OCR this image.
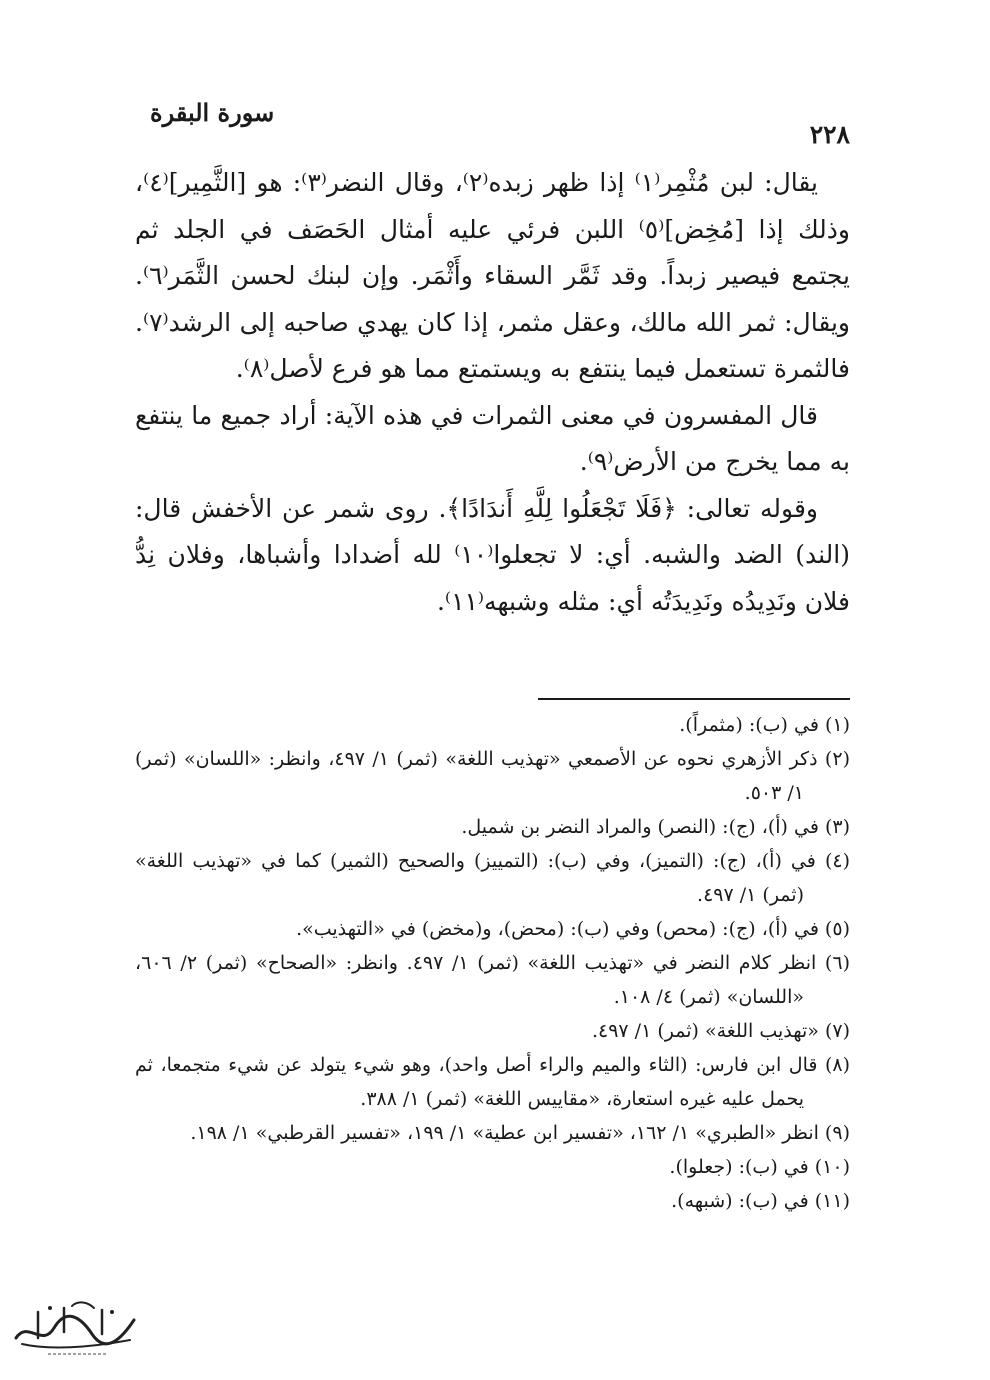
٢٢٨
سورة البقرة

يقال: لبن مُثْمِر⁽١⁾ إذا ظهر زبده⁽٢⁾، وقال النضر⁽٣⁾: هو [الثَّمِير]⁽٤⁾، وذلك إذا [مُخِض]⁽٥⁾ اللبن فرئي عليه أمثال الحَصَف في الجلد ثم يجتمع فيصير زبداً. وقد ثَمَّر السقاء وأَثْمَر. وإن لبنك لحسن الثَّمَر⁽٦⁾. ويقال: ثمر الله مالك، وعقل مثمر، إذا كان يهدي صاحبه إلى الرشد⁽٧⁾. فالثمرة تستعمل فيما ينتفع به ويستمتع مما هو فرع لأصل⁽٨⁾.

قال المفسرون في معنى الثمرات في هذه الآية: أراد جميع ما ينتفع به مما يخرج من الأرض⁽٩⁾.

وقوله تعالى: ﴿فَلَا تَجْعَلُوا لِلَّهِ أَندَادًا﴾. روى شمر عن الأخفش قال: (الند) الضد والشبه. أي: لا تجعلوا⁽١٠⁾ لله أضدادا وأشباها، وفلان نِدُّ فلان ونَدِيدُه ونَدِيدَتُه أي: مثله وشبهه⁽١١⁾.

(١) في (ب): (مثمراً).

(٢) ذكر الأزهري نحوه عن الأصمعي «تهذيب اللغة» (ثمر) ١/ ٤٩٧، وانظر: «اللسان» (ثمر) ١/ ٥٠٣.

(٣) في (أ)، (ج): (النصر) والمراد النضر بن شميل.

(٤) في (أ)، (ج): (التميز)، وفي (ب): (التمييز) والصحيح (الثمير) كما في «تهذيب اللغة» (ثمر) ١/ ٤٩٧.

(٥) في (أ)، (ج): (محص) وفي (ب): (محض)، و(مخض) في «التهذيب».

(٦) انظر كلام النضر في «تهذيب اللغة» (ثمر) ١/ ٤٩٧. وانظر: «الصحاح» (ثمر) ٢/ ٦٠٦، «اللسان» (ثمر) ٤/ ١٠٨.

(٧) «تهذيب اللغة» (ثمر) ١/ ٤٩٧.

(٨) قال ابن فارس: (الثاء والميم والراء أصل واحد)، وهو شيء يتولد عن شيء متجمعا، ثم يحمل عليه غيره استعارة، «مقاييس اللغة» (ثمر) ١/ ٣٨٨.

(٩) انظر «الطبري» ١/ ١٦٢، «تفسير ابن عطية» ١/ ١٩٩، «تفسير القرطبي» ١/ ١٩٨.

(١٠) في (ب): (جعلوا).

(١١) في (ب): (شبهه).
